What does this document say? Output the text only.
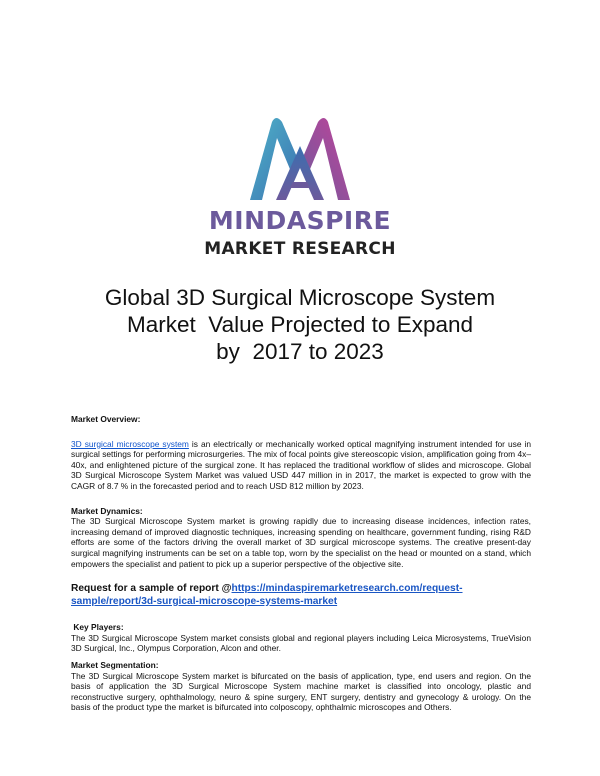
MINDASPIRE
MARKET RESEARCH
Global 3D Surgical Microscope System
Market  Value Projected to Expand
by  2017 to 2023

Market Overview:

3D surgical microscope system is an electrically or mechanically worked optical magnifying instrument intended for use in surgical settings for performing microsurgeries. The mix of focal points give stereoscopic vision, amplification going from 4x– 40x, and enlightened picture of the surgical zone. It has replaced the traditional workflow of slides and microscope. Global 3D Surgical Microscope System Market was valued USD 447 million in in 2017, the market is expected to grow with the CAGR of 8.7 % in the forecasted period and to reach USD 812 million by 2023.

Market Dynamics:

The 3D Surgical Microscope System market is growing rapidly due to increasing disease incidences, infection rates, increasing demand of improved diagnostic techniques, increasing spending on healthcare, government funding, rising R&D efforts are some of the factors driving the overall market of 3D surgical microscope systems. The creative present-day surgical magnifying instruments can be set on a table top, worn by the specialist on the head or mounted on a stand, which empowers the specialist and patient to pick up a superior perspective of the objective site.

Request for a sample of report @https://mindaspiremarketresearch.com/request-sample/report/3d-surgical-microscope-systems-market

Key Players:

The 3D Surgical Microscope System market consists global and regional players including Leica Microsystems, TrueVision 3D Surgical, Inc., Olympus Corporation, Alcon and other.

Market Segmentation:

The 3D Surgical Microscope System market is bifurcated on the basis of application, type, end users and region. On the basis of application the 3D Surgical Microscope System machine market is classified into oncology, plastic and reconstructive surgery, ophthalmology, neuro & spine surgery, ENT surgery, dentistry and gynecology & urology. On the basis of the product type the market is bifurcated into colposcopy, ophthalmic microscopes and Others.
